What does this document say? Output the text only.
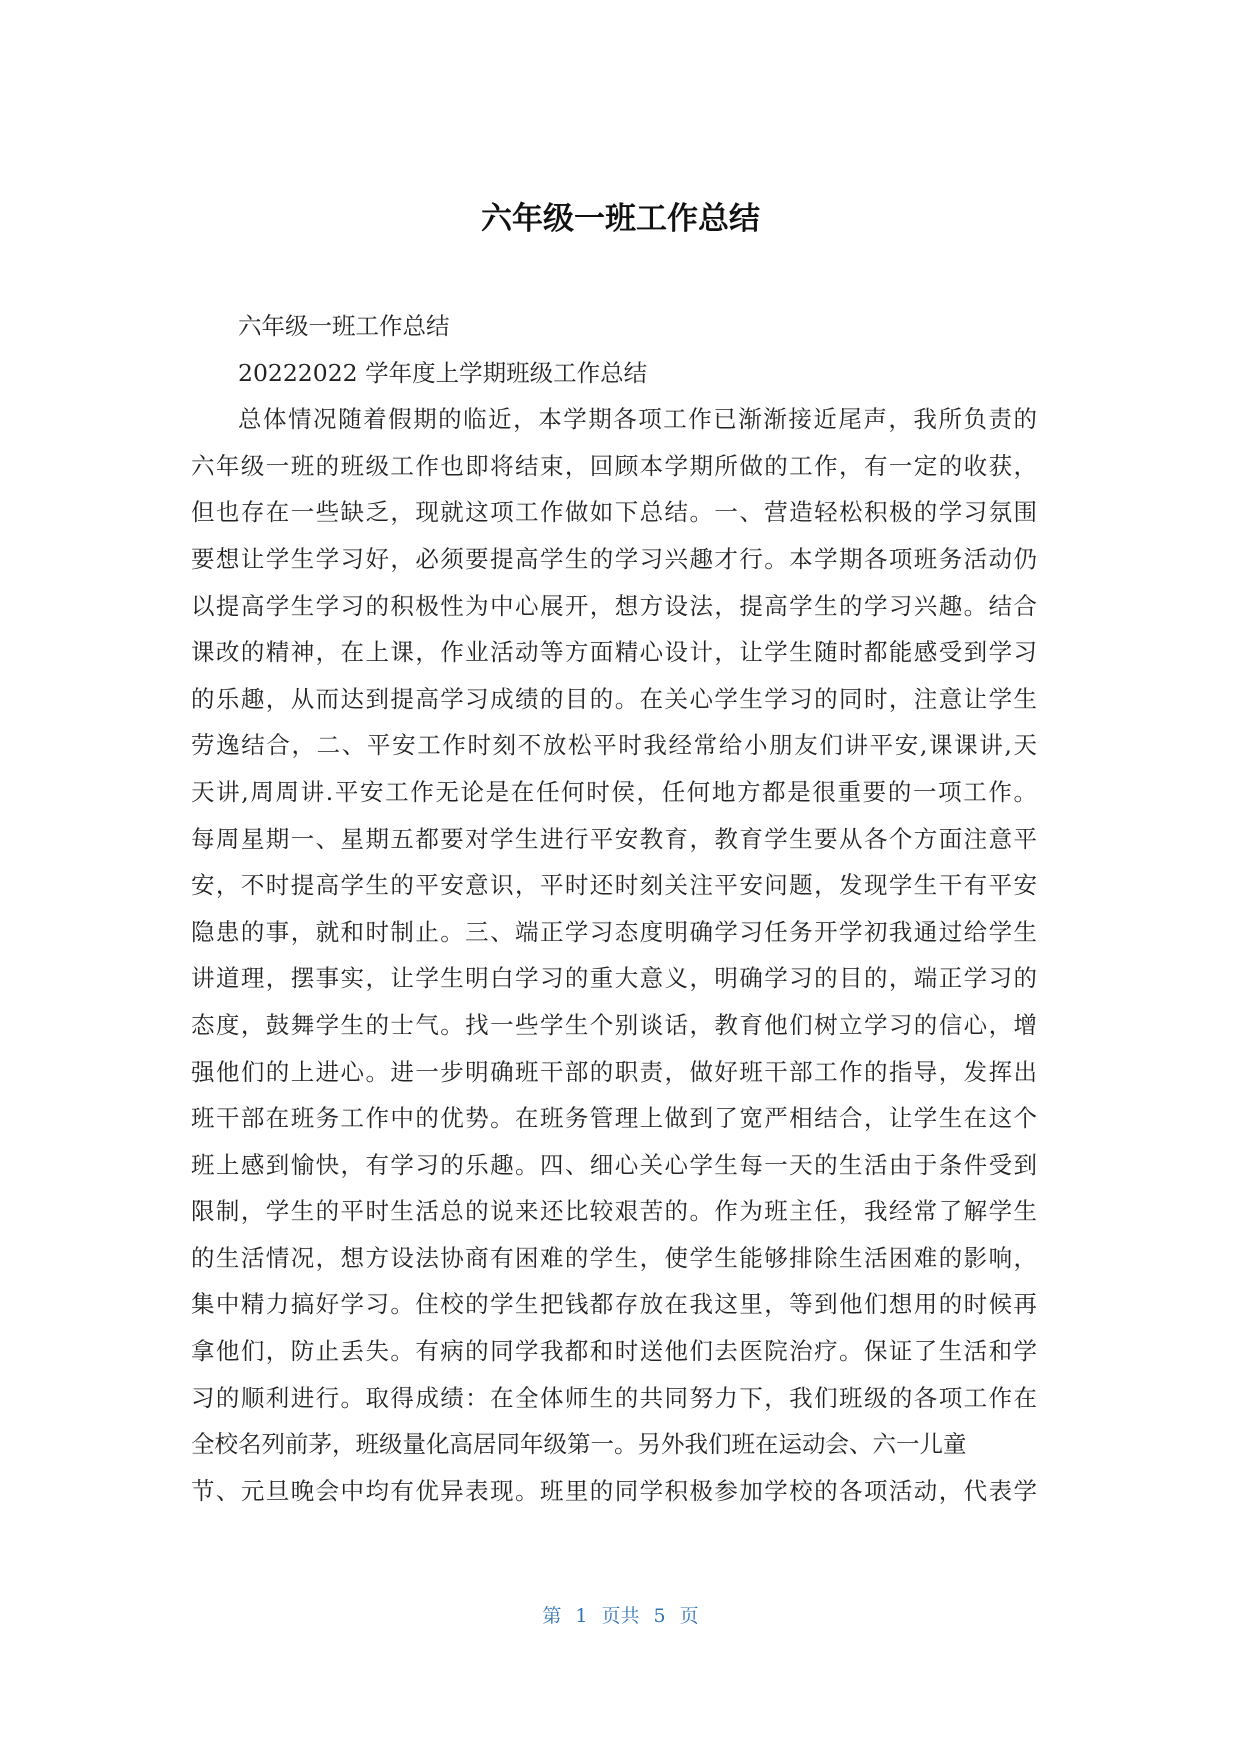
六年级一班工作总结
六年级一班工作总结
20222022 学年度上学期班级工作总结
总体情况随着假期的临近，本学期各项工作已渐渐接近尾声，我所负责的
六年级一班的班级工作也即将结束，回顾本学期所做的工作，有一定的收获，
但也存在一些缺乏，现就这项工作做如下总结。一、营造轻松积极的学习氛围
要想让学生学习好，必须要提高学生的学习兴趣才行。本学期各项班务活动仍
以提高学生学习的积极性为中心展开，想方设法，提高学生的学习兴趣。结合
课改的精神，在上课，作业活动等方面精心设计，让学生随时都能感受到学习
的乐趣，从而达到提高学习成绩的目的。在关心学生学习的同时，注意让学生
劳逸结合，二、平安工作时刻不放松平时我经常给小朋友们讲平安,课课讲,天
天讲,周周讲.平安工作无论是在任何时侯，任何地方都是很重要的一项工作。
每周星期一、星期五都要对学生进行平安教育，教育学生要从各个方面注意平
安，不时提高学生的平安意识，平时还时刻关注平安问题，发现学生干有平安
隐患的事，就和时制止。三、端正学习态度明确学习任务开学初我通过给学生
讲道理，摆事实，让学生明白学习的重大意义，明确学习的目的，端正学习的
态度，鼓舞学生的士气。找一些学生个别谈话，教育他们树立学习的信心，增
强他们的上进心。进一步明确班干部的职责，做好班干部工作的指导，发挥出
班干部在班务工作中的优势。在班务管理上做到了宽严相结合，让学生在这个
班上感到愉快，有学习的乐趣。四、细心关心学生每一天的生活由于条件受到
限制，学生的平时生活总的说来还比较艰苦的。作为班主任，我经常了解学生
的生活情况，想方设法协商有困难的学生，使学生能够排除生活困难的影响，
集中精力搞好学习。住校的学生把钱都存放在我这里，等到他们想用的时候再
拿他们，防止丢失。有病的同学我都和时送他们去医院治疗。保证了生活和学
习的顺利进行。取得成绩：在全体师生的共同努力下，我们班级的各项工作在
全校名列前茅，班级量化高居同年级第一。另外我们班在运动会、六一儿童
节、元旦晚会中均有优异表现。班里的同学积极参加学校的各项活动，代表学
第 1 页共 5 页
